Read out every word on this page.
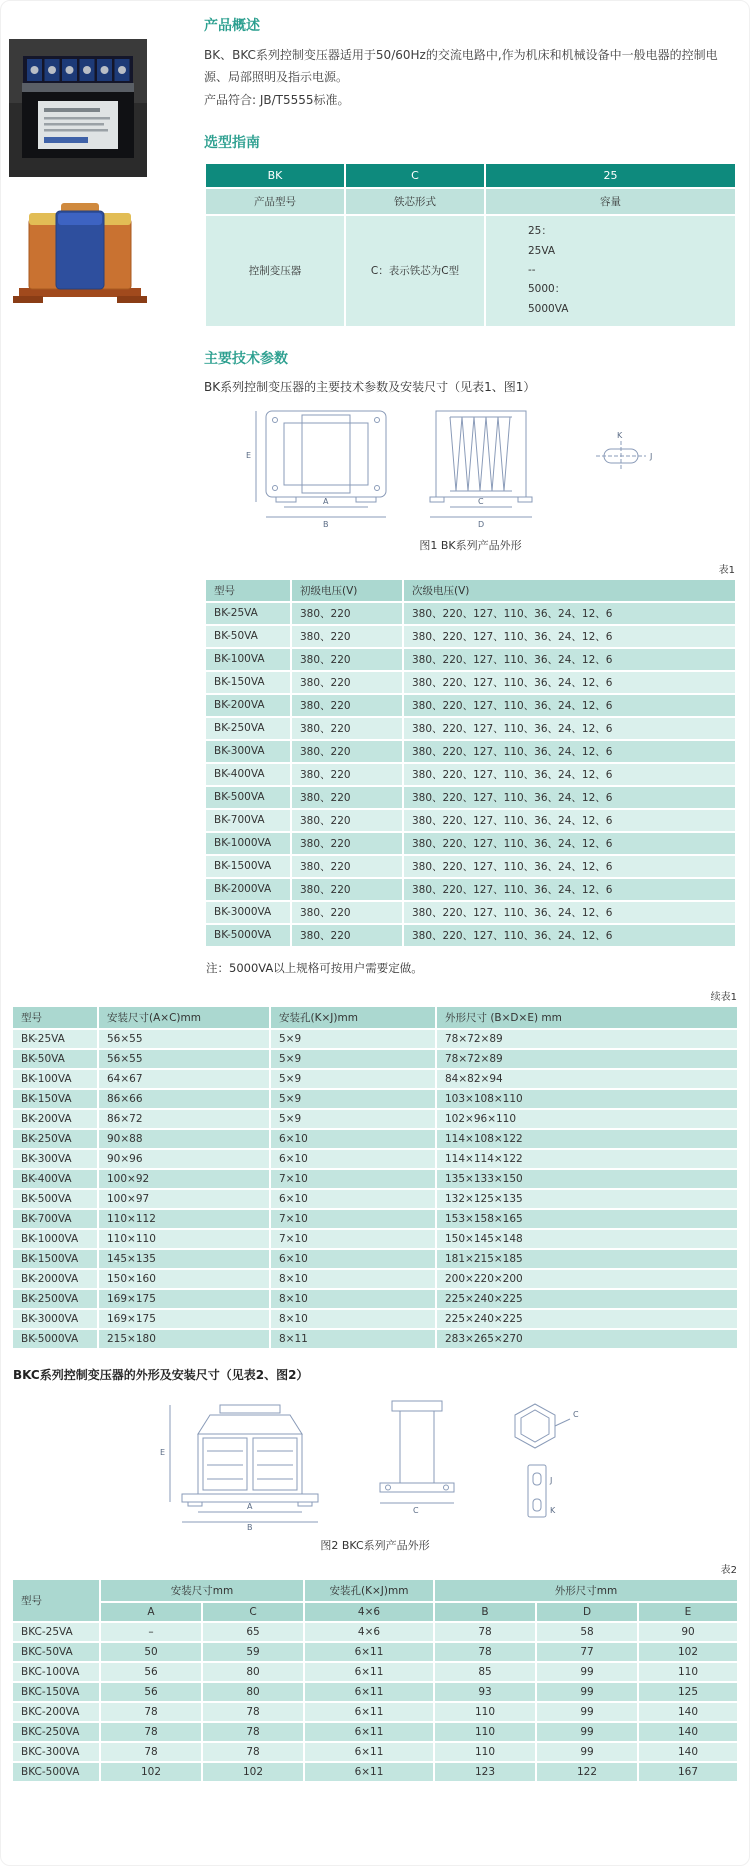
产品概述

BK、BKC系列控制变压器适用于50/60Hz的交流电路中,作为机床和机械设备中一般电器的控制电源、局部照明及指示电源。

产品符合: JB/T5555标准。

选型指南
BK	C	25
产品型号	铁芯形式	容量
控制变压器	C：表示铁芯为C型	25：
25VA
--
5000：
5000VA
主要技术参数

BK系列控制变压器的主要技术参数及安装尺寸（见表1、图1）

A
B
E
C
D
K
J
图1 BK系列产品外形
表1
型号	初级电压(V)	次级电压(V)
BK-25VA	380、220	380、220、127、110、36、24、12、6
BK-50VA	380、220	380、220、127、110、36、24、12、6
BK-100VA	380、220	380、220、127、110、36、24、12、6
BK-150VA	380、220	380、220、127、110、36、24、12、6
BK-200VA	380、220	380、220、127、110、36、24、12、6
BK-250VA	380、220	380、220、127、110、36、24、12、6
BK-300VA	380、220	380、220、127、110、36、24、12、6
BK-400VA	380、220	380、220、127、110、36、24、12、6
BK-500VA	380、220	380、220、127、110、36、24、12、6
BK-700VA	380、220	380、220、127、110、36、24、12、6
BK-1000VA	380、220	380、220、127、110、36、24、12、6
BK-1500VA	380、220	380、220、127、110、36、24、12、6
BK-2000VA	380、220	380、220、127、110、36、24、12、6
BK-3000VA	380、220	380、220、127、110、36、24、12、6
BK-5000VA	380、220	380、220、127、110、36、24、12、6

注：5000VA以上规格可按用户需要定做。

续表1
型号	安装尺寸(A×C)mm	安装孔(K×J)mm	外形尺寸 (B×D×E) mm
BK-25VA	56×55	5×9	78×72×89
BK-50VA	56×55	5×9	78×72×89
BK-100VA	64×67	5×9	84×82×94
BK-150VA	86×66	5×9	103×108×110
BK-200VA	86×72	5×9	102×96×110
BK-250VA	90×88	6×10	114×108×122
BK-300VA	90×96	6×10	114×114×122
BK-400VA	100×92	7×10	135×133×150
BK-500VA	100×97	6×10	132×125×135
BK-700VA	110×112	7×10	153×158×165
BK-1000VA	110×110	7×10	150×145×148
BK-1500VA	145×135	6×10	181×215×185
BK-2000VA	150×160	8×10	200×220×200
BK-2500VA	169×175	8×10	225×240×225
BK-3000VA	169×175	8×10	225×240×225
BK-5000VA	215×180	8×11	283×265×270

BKC系列控制变压器的外形及安装尺寸（见表2、图2）

E
A
B
C
C
J
K
图2 BKC系列产品外形
表2
型号	安装尺寸mm		安装孔(K×J)mm	外形尺寸mm		
	A	C	4×6	B	D	E
BKC-25VA	–	65	4×6	78	58	90
BKC-50VA	50	59	6×11	78	77	102
BKC-100VA	56	80	6×11	85	99	110
BKC-150VA	56	80	6×11	93	99	125
BKC-200VA	78	78	6×11	110	99	140
BKC-250VA	78	78	6×11	110	99	140
BKC-300VA	78	78	6×11	110	99	140
BKC-500VA	102	102	6×11	123	122	167
